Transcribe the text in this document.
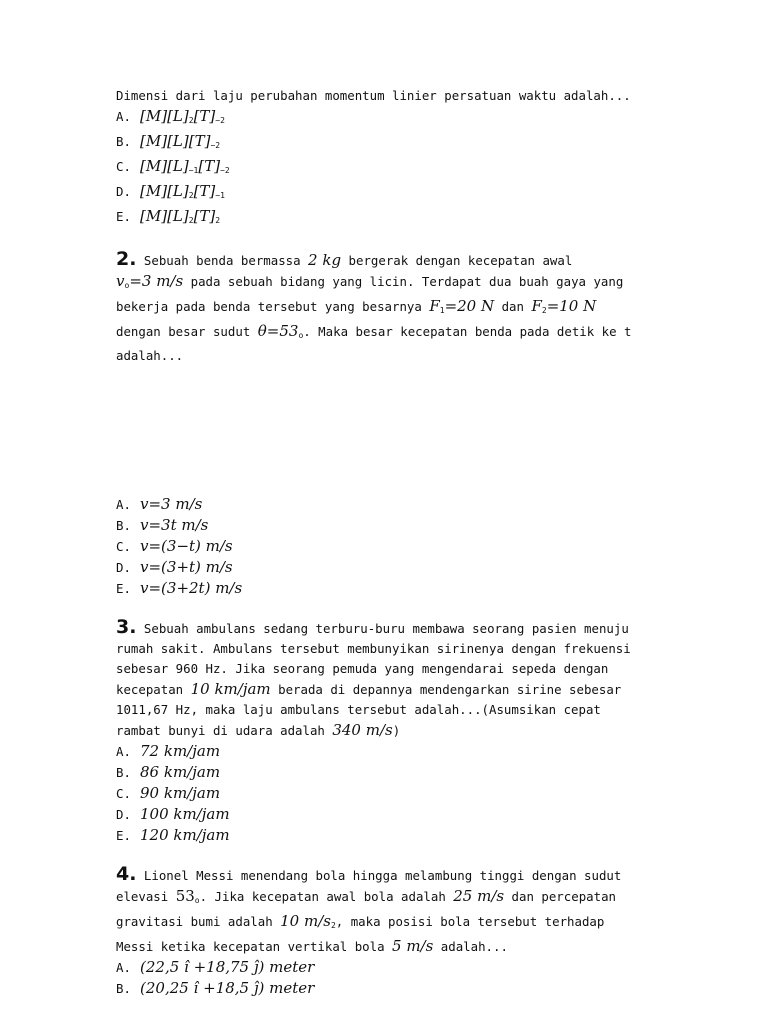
Dimensi dari laju perubahan momentum linier persatuan waktu adalah...
A. $[M][L]_2[T]_{-2}$
B. $[M][L][T]_{-2}$
C. $[M][L]_{-1}[T]_{-2}$
D. $[M][L]_2[T]_{-1}$
E. $[M][L]_2[T]_2$
2. Sebuah benda bermassa 2 kg bergerak dengan kecepatan awal
$v_o=3$ m/s pada sebuah bidang yang licin. Terdapat dua buah gaya yang
bekerja pada benda tersebut yang besarnya $F_1=20$ N dan $F_2=10$ N
dengan besar sudut $\theta=53_o$. Maka besar kecepatan benda pada detik ke t
adalah...
A. v=3 m/s
B. v=3t m/s
C. v=(3−t) m/s
D. v=(3+t) m/s
E. v=(3+2t) m/s
3. Sebuah ambulans sedang terburu-buru membawa seorang pasien menuju
rumah sakit. Ambulans tersebut membunyikan sirinenya dengan frekuensi
sebesar 960 Hz. Jika seorang pemuda yang mengendarai sepeda dengan
kecepatan 10 km/jam berada di depannya mendengarkan sirine sebesar
1011,67 Hz, maka laju ambulans tersebut adalah...(Asumsikan cepat
rambat bunyi di udara adalah 340 m/s)
A. 72 km/jam
B. 86 km/jam
C. 90 km/jam
D. 100 km/jam
E. 120 km/jam
4. Lionel Messi menendang bola hingga melambung tinggi dengan sudut
elevasi $53_o$. Jika kecepatan awal bola adalah 25 m/s dan percepatan
gravitasi bumi adalah 10 $m/s_2$, maka posisi bola tersebut terhadap
Messi ketika kecepatan vertikal bola 5 m/s adalah...
A. (22,5 î +18,75 ĵ) meter
B. (20,25 î +18,5 ĵ) meter
